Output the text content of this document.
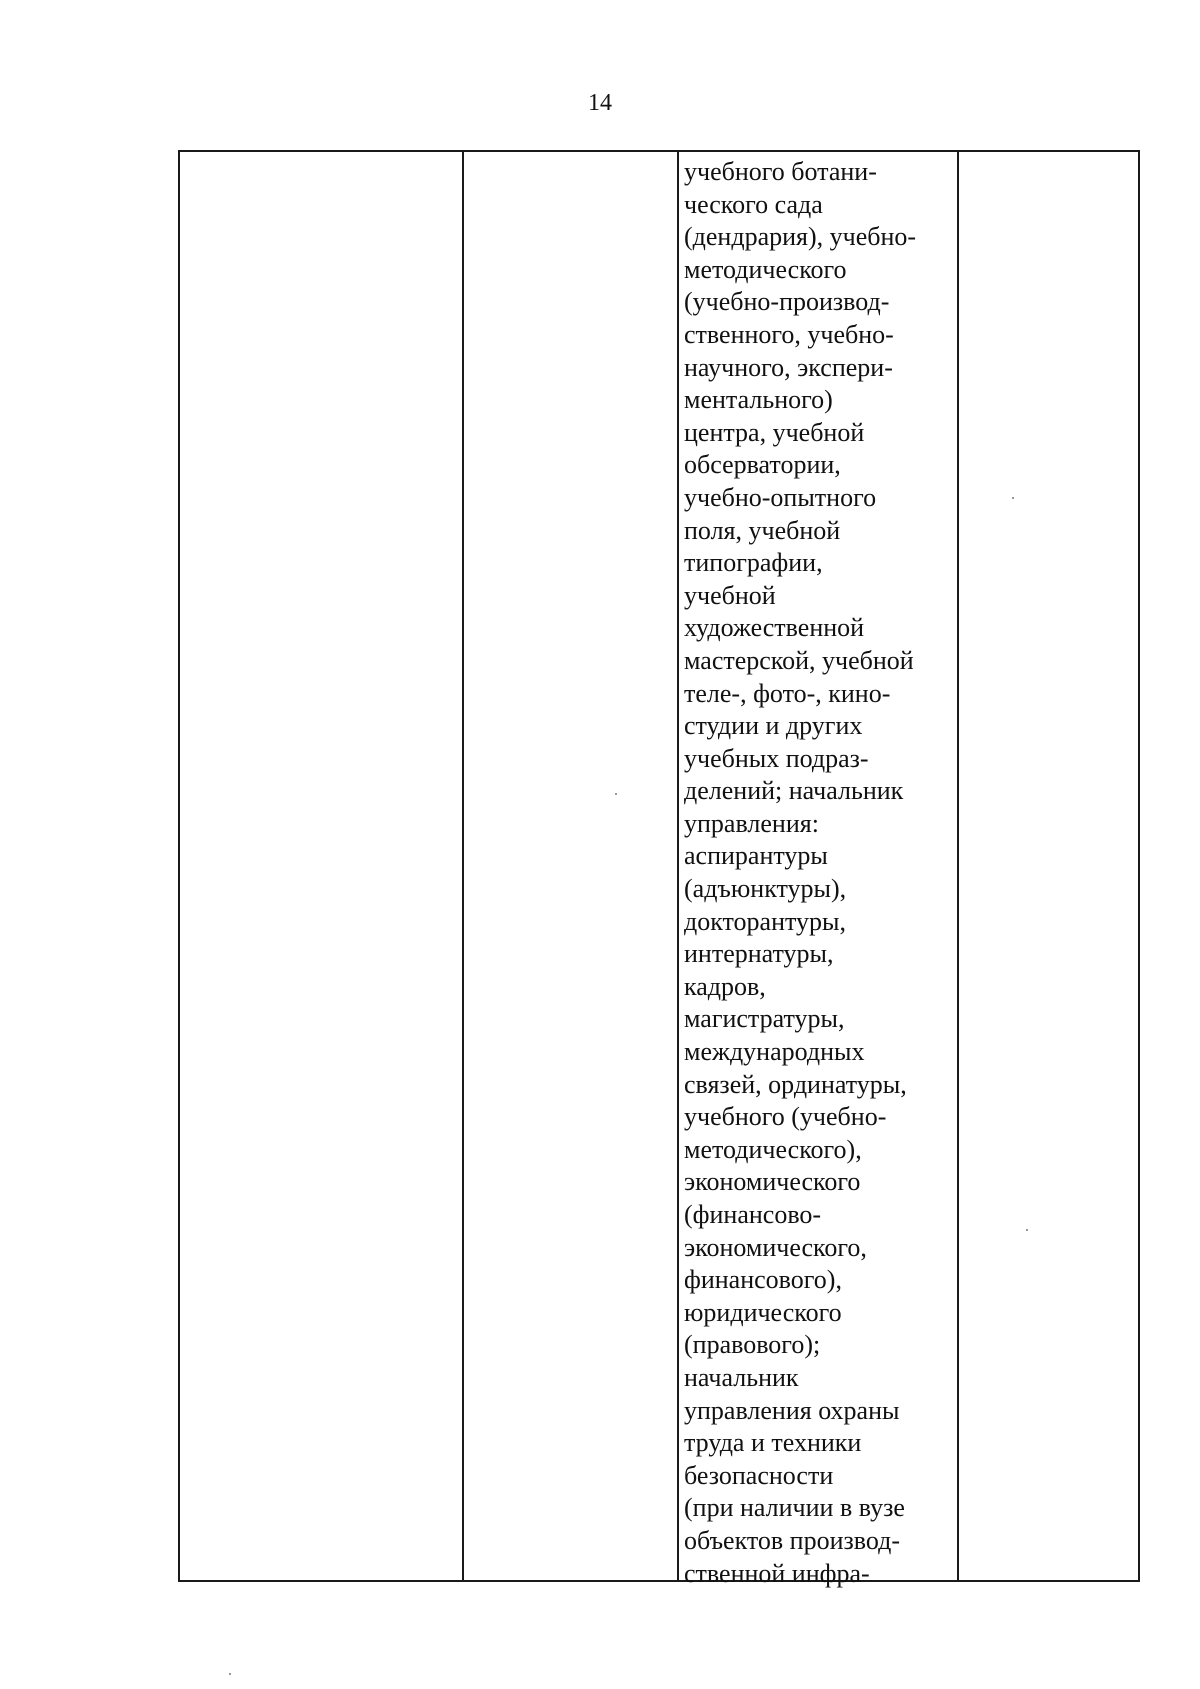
14
учебного ботани-
ческого сада
(дендрария), учебно-
методического
(учебно-производ-
ственного, учебно-
научного, экспери-
ментального)
центра, учебной
обсерватории,
учебно-опытного
поля, учебной
типографии,
учебной
художественной
мастерской, учебной
теле-, фото-, кино-
студии и других
учебных подраз-
делений; начальник
управления:
аспирантуры
(адъюнктуры),
докторантуры,
интернатуры,
кадров,
магистратуры,
международных
связей, ординатуры,
учебного (учебно-
методического),
экономического
(финансово-
экономического,
финансового),
юридического
(правового);
начальник
управления охраны
труда и техники
безопасности
(при наличии в вузе
объектов производ-
ственной инфра-
